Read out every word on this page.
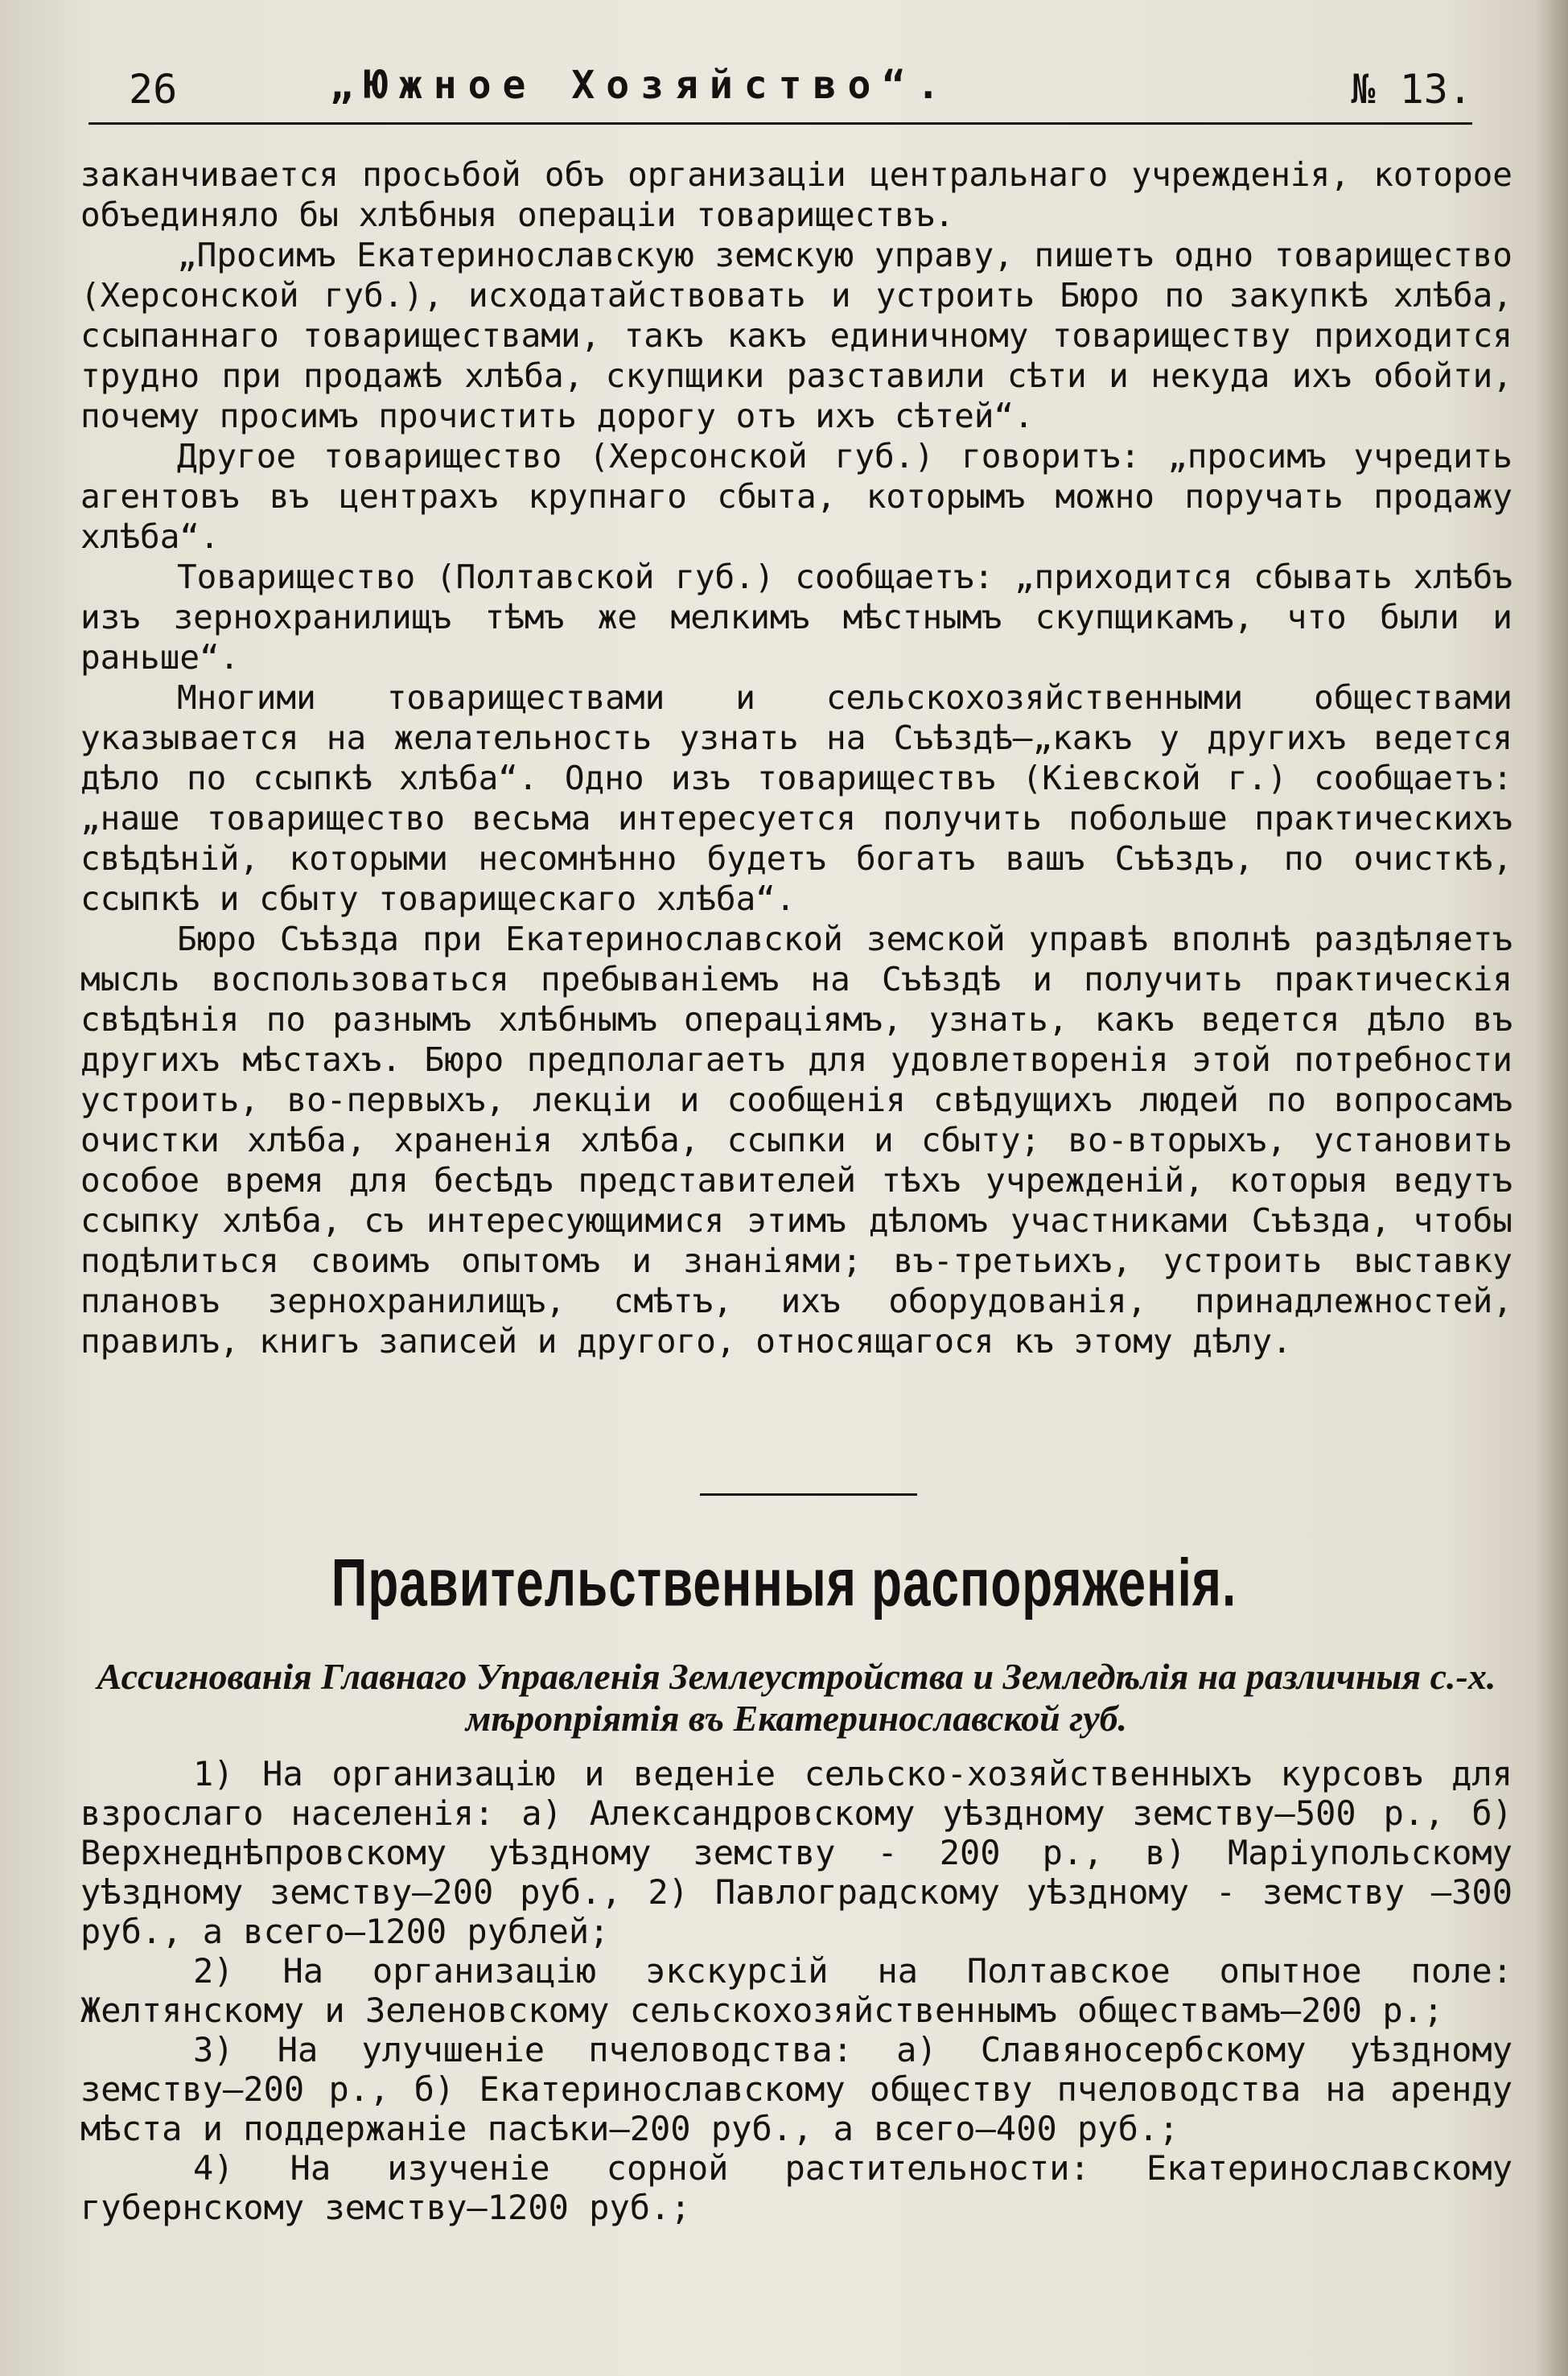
26	„Южное Хозяйство“.	№ 13.

заканчивается просьбой объ организаціи центральнаго учрежденія, которое объединяло бы хлѣбныя операціи товариществъ.

„Просимъ Екатеринославскую земскую управу, пишетъ одно товарищество (Херсонской губ.), исходатайствовать и устроить Бюро по закупкѣ хлѣба, ссыпаннаго товариществами, такъ какъ единичному товариществу приходится трудно при продажѣ хлѣба, скупщики разставили сѣти и некуда ихъ обойти, почему просимъ прочистить дорогу отъ ихъ сѣтей“.

Другое товарищество (Херсонской губ.) говоритъ: „просимъ учредить агентовъ въ центрахъ крупнаго сбыта, которымъ можно поручать продажу хлѣба“.

Товарищество (Полтавской губ.) сообщаетъ: „приходится сбывать хлѣбъ изъ зернохранилищъ тѣмъ же мелкимъ мѣстнымъ скупщикамъ, что были и раньше“.

Многими товариществами и сельскохозяйственными обществами указывается на желательность узнать на Съѣздѣ—„какъ у другихъ ведется дѣло по ссыпкѣ хлѣба“. Одно изъ товариществъ (Кіевской г.) сообщаетъ: „наше товарищество весьма интересуется получить побольше практическихъ свѣдѣній, которыми несомнѣнно будетъ богатъ вашъ Съѣздъ, по очисткѣ, ссыпкѣ и сбыту товарищескаго хлѣба“.

Бюро Съѣзда при Екатеринославской земской управѣ вполнѣ раздѣляетъ мысль воспользоваться пребываніемъ на Съѣздѣ и получить практическія свѣдѣнія по разнымъ хлѣбнымъ операціямъ, узнать, какъ ведется дѣло въ другихъ мѣстахъ. Бюро предполагаетъ для удовлетворенія этой потребности устроить, во-первыхъ, лекціи и сообщенія свѣдущихъ людей по вопросамъ очистки хлѣба, храненія хлѣба, ссыпки и сбыту; во-вторыхъ, установить особое время для бесѣдъ представителей тѣхъ учрежденій, которыя ведутъ ссыпку хлѣба, съ интересующимися этимъ дѣломъ участниками Съѣзда, чтобы подѣлиться своимъ опытомъ и знаніями; въ-третьихъ, устроить выставку плановъ зернохранилищъ, смѣтъ, ихъ оборудованія, принадлежностей, правилъ, книгъ записей и другого, относящагося къ этому дѣлу.

Правительственныя распоряженія.
Ассигнованія Главнаго Управленія Землеустройства и Земледѣлія на различныя с.-х. мѣропріятія въ Екатеринославской губ.

1) На организацію и веденіе сельско-хозяйственныхъ курсовъ для взрослаго населенія: а) Александровскому уѣздному земству—500 р., б) Верхнеднѣпровскому уѣздному земству - 200 р., в) Маріупольскому уѣздному земству—200 руб., 2) Павлоградскому уѣздному - земству —300 руб., а всего—1200 рублей;

2) На организацію экскурсій на Полтавское опытное поле: Желтянскому и Зеленовскому сельскохозяйственнымъ обществамъ—200 р.;

3) На улучшеніе пчеловодства: а) Славяносербскому уѣздному земству—200 р., б) Екатеринославскому обществу пчеловодства на аренду мѣста и поддержаніе пасѣки—200 руб., а всего—400 руб.;

4) На изученіе сорной растительности: Екатеринославскому губернскому земству—1200 руб.;
